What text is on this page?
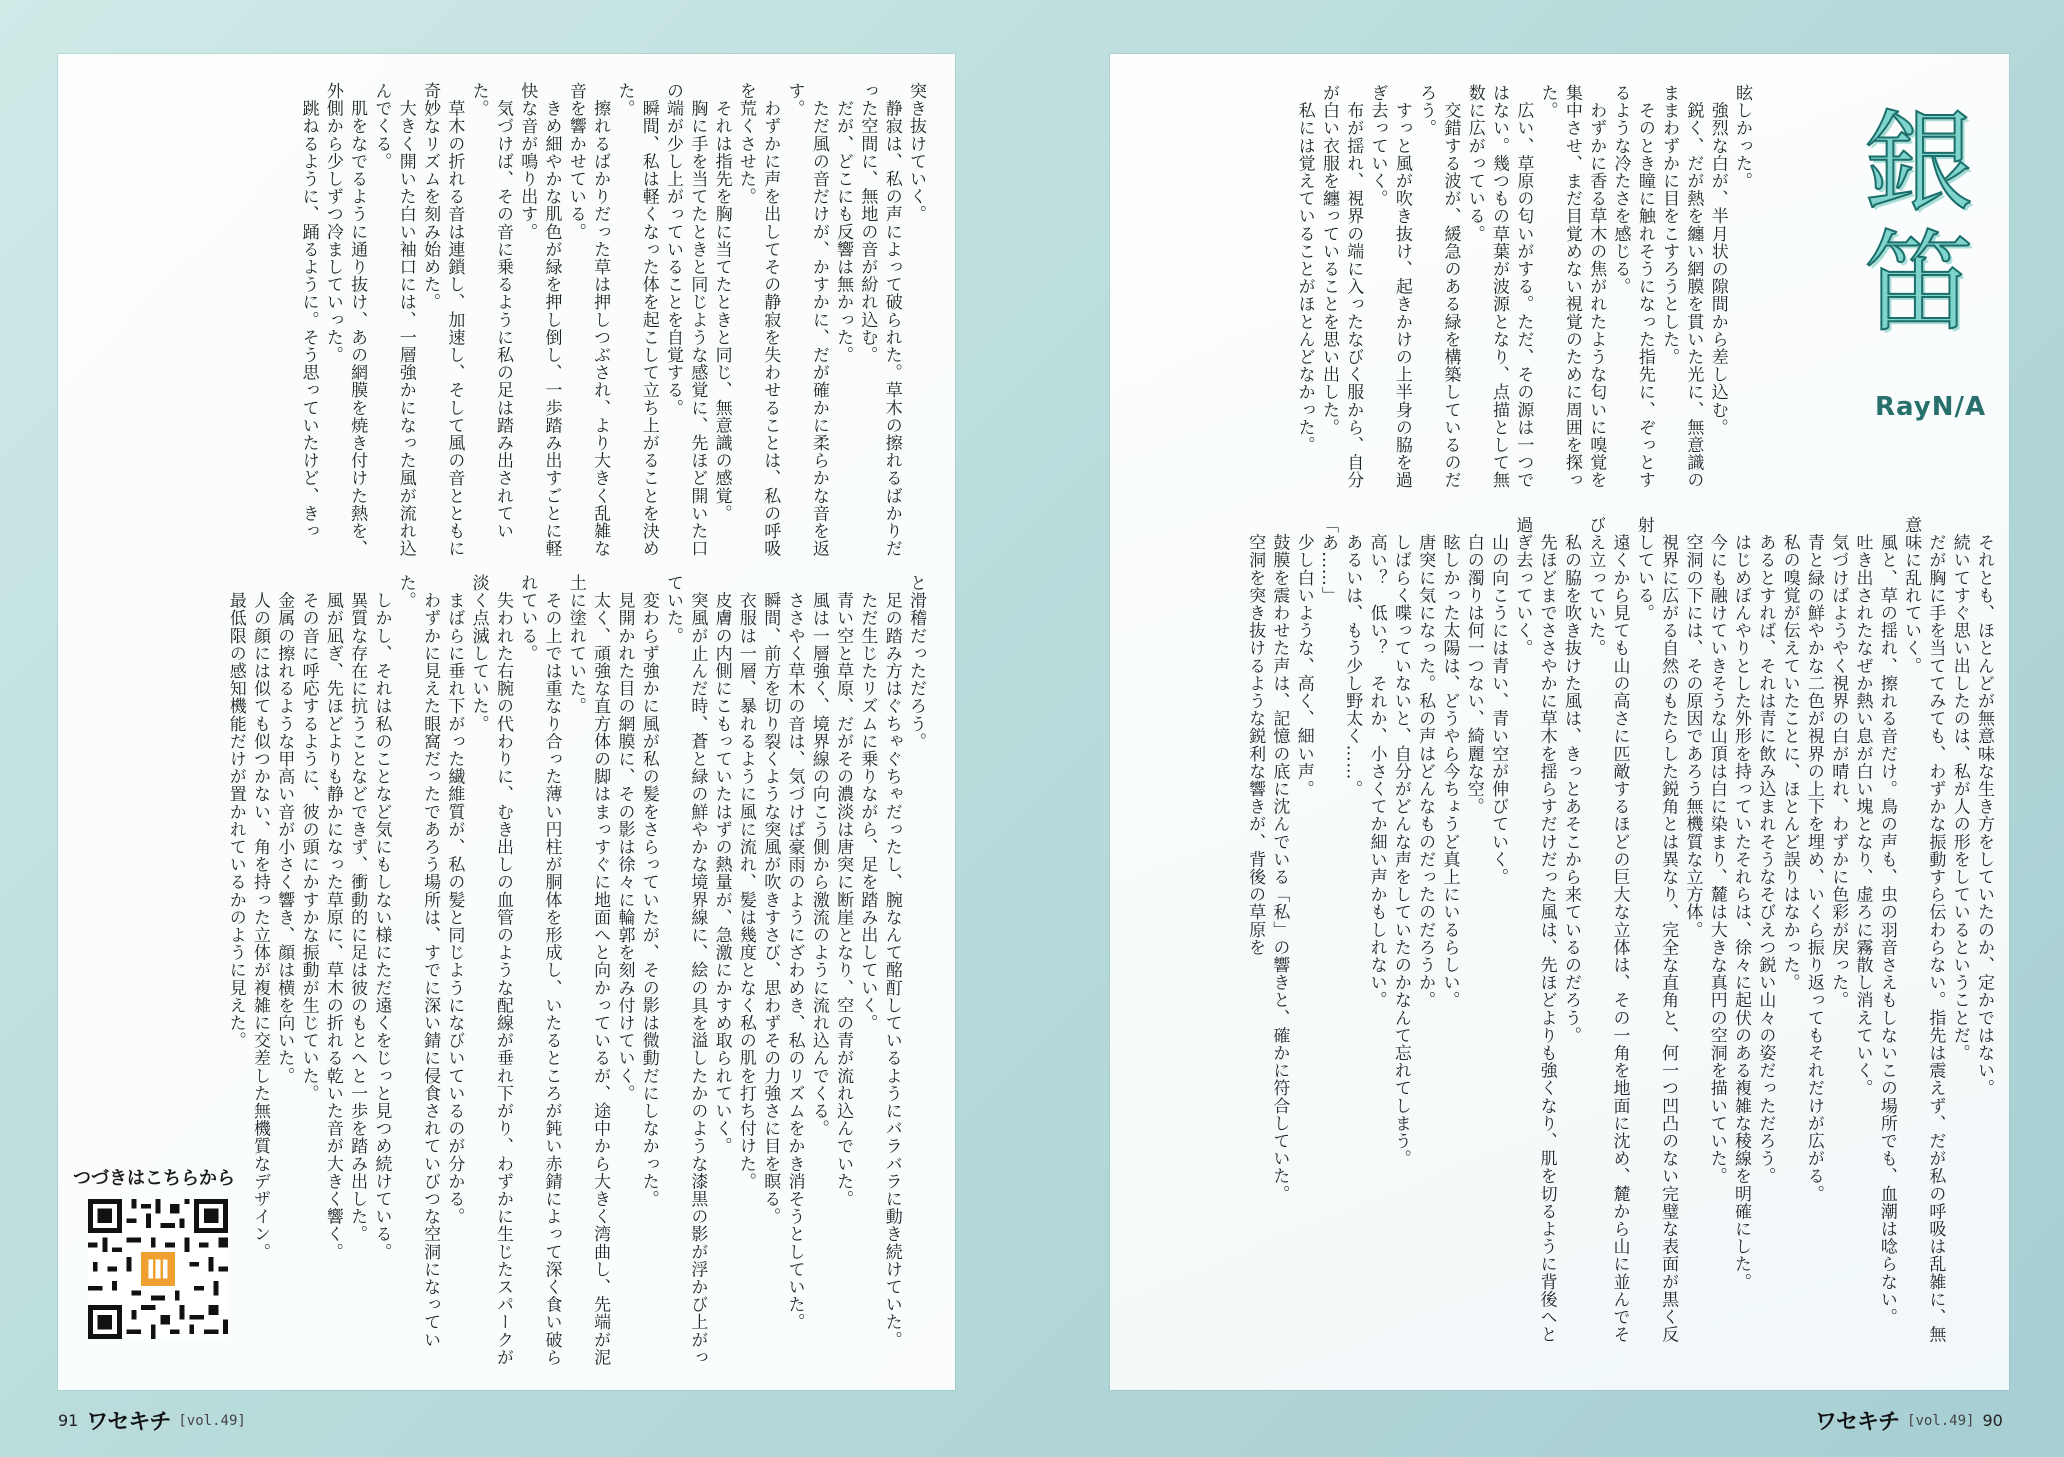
突き抜けていく。
　静寂は、私の声によって破られた。草木の擦れるばかりだった空間に、無地の音が紛れ込む。
　だが、どこにも反響は無かった。
　ただ風の音だけが、かすかに、だが確かに柔らかな音を返す。
　わずかに声を出してその静寂を失わせることは、私の呼吸を荒くさせた。
　それは指先を胸に当てたときと同じ、無意識の感覚。
　胸に手を当てたときと同じような感覚に、先ほど開いた口の端が少し上がっていることを自覚する。
　瞬間、私は軽くなった体を起こして立ち上がることを決めた。
　擦れるばかりだった草は押しつぶされ、より大きく乱雑な音を響かせている。
　きめ細やかな肌色が緑を押し倒し、一歩踏み出すごとに軽快な音が鳴り出す。
　気づけば、その音に乗るように私の足は踏み出されていた。
　草木の折れる音は連鎖し、加速し、そして風の音とともに奇妙なリズムを刻み始めた。
　大きく開いた白い袖口には、一層強かになった風が流れ込んでくる。
　肌をなでるように通り抜け、あの網膜を焼き付けた熱を、外側から少しずつ冷ましていった。
　跳ねるように、踊るように。そう思っていたけど、きっ
と滑稽だっただろう。
　足の踏み方はぐちゃぐちゃだったし、腕なんて酩酊しているようにバラバラに動き続けていた。
　ただ生じたリズムに乗りながら、足を踏み出していく。
　青い空と草原、だがその濃淡は唐突に断崖となり、空の青が流れ込んでいた。
　風は一層強く、境界線の向こう側から激流のように流れ込んでくる。
　ささやく草木の音は、気づけば豪雨のようにざわめき、私のリズムをかき消そうとしていた。
　瞬間、前方を切り裂くような突風が吹きすさび、思わずその力強さに目を瞑る。
　衣服は一層、暴れるように風に流れ、髪は幾度となく私の肌を打ち付けた。
　皮膚の内側にこもっていたはずの熱量が、急激にかすめ取られていく。
　突風が止んだ時、蒼と緑の鮮やかな境界線に、絵の具を溢したかのような漆黒の影が浮かび上がっていた。
　変わらず強かに風が私の髪をさらっていたが、その影は微動だにしなかった。
　見開かれた目の網膜に、その影は徐々に輪郭を刻み付けていく。
　太く、頑強な直方体の脚はまっすぐに地面へと向かっているが、途中から大きく湾曲し、先端が泥土に塗れていた。
　その上では重なり合った薄い円柱が胴体を形成し、いたるところが鈍い赤錆によって深く食い破られている。
　失われた右腕の代わりに、むき出しの血管のような配線が垂れ下がり、わずかに生じたスパークが淡く点滅していた。
　まばらに垂れ下がった繊維質が、私の髪と同じようになびいているのが分かる。
　わずかに見えた眼窩だったであろう場所は、すでに深い錆に侵食されていびつな空洞になっていた。
　しかし、それは私のことなど気にもしない様にただ遠くをじっと見つめ続けている。
　異質な存在に抗うことなどできず、衝動的に足は彼のもとへと一歩を踏み出した。
　風が凪ぎ、先ほどよりも静かになった草原に、草木の折れる乾いた音が大きく響く。
　その音に呼応するように、彼の頭にかすかな振動が生じていた。
　金属の擦れるような甲高い音が小さく響き、顔は横を向いた。
　人の顔には似ても似つかない、角を持った立体が複雑に交差した無機質なデザイン。
　最低限の感知機能だけが置かれているかのように見えた。
つづきはこちらから
眩しかった。
　強烈な白が、半月状の隙間から差し込む。
　鋭く、だが熱を纏い網膜を貫いた光に、無意識のままわずかに目をこすろうとした。
　そのとき瞳に触れそうになった指先に、ぞっとするような冷たさを感じる。
　わずかに香る草木の焦がれたような匂いに嗅覚を集中させ、まだ目覚めない視覚のために周囲を探った。
　広い、草原の匂いがする。ただ、その源は一つではない。幾つもの草葉が波源となり、点描として無数に広がっている。
　交錯する波が、緩急のある緑を構築しているのだろう。
　すっと風が吹き抜け、起きかけの上半身の脇を過ぎ去っていく。
　布が揺れ、視界の端に入ったなびく服から、自分が白い衣服を纏っていることを思い出した。
　私には覚えていることがほとんどなかった。
　それとも、ほとんどが無意味な生き方をしていたのか、定かではない。
　続いてすぐ思い出したのは、私が人の形をしているということだ。
　だが胸に手を当ててみても、わずかな振動すら伝わらない。指先は震えず、だが私の呼吸は乱雑に、無意味に乱れていく。
　風と、草の揺れ、擦れる音だけ。鳥の声も、虫の羽音さえもしないこの場所でも、血潮は唸らない。
　吐き出されたなぜか熱い息が白い塊となり、虚ろに霧散し消えていく。
　気づけばようやく視界の白が晴れ、わずかに色彩が戻った。
　青と緑の鮮やかな二色が視界の上下を埋め、いくら振り返ってもそれだけが広がる。
　私の嗅覚が伝えていたことに、ほとんど誤りはなかった。
　あるとすれば、それは青に飲み込まれそうなそびえつ鋭い山々の姿だっただろう。
　はじめぼんやりとした外形を持っていたそれらは、徐々に起伏のある複雑な稜線を明確にした。
　今にも融けていきそうな山頂は白に染まり、麓は大きな真円の空洞を描いていた。
　空洞の下には、その原因であろう無機質な立方体。
　視界に広がる自然のもたらした鋭角とは異なり、完全な直角と、何一つ凹凸のない完璧な表面が黒く反射している。
　遠くから見ても山の高さに匹敵するほどの巨大な立体は、その一角を地面に沈め、麓から山に並んでそびえ立っていた。
　私の脇を吹き抜けた風は、きっとあそこから来ているのだろう。
　先ほどまでささやかに草木を揺らすだけだった風は、先ほどよりも強くなり、肌を切るように背後へと過ぎ去っていく。
　山の向こうには青い、青い空が伸びていく。
　白の濁りは何一つない、綺麗な空。
　眩しかった太陽は、どうやら今ちょうど真上にいるらしい。
　唐突に気になった。私の声はどんなものだったのだろうか。
　しばらく喋っていないと、自分がどんな声をしていたのかなんて忘れてしまう。
　高い？　低い？　それか、小さくてか細い声かもしれない。
　あるいは、もう少し野太く……。
「あ……」
　少し白いような、高く、細い声。
　鼓膜を震わせた声は、記憶の底に沈んでいる「私」の響きと、確かに符合していた。
　空洞を突き抜けるような鋭利な響きが、背後の草原を
銀笛
RayN/A
91 ワセキチ [vol.49]	ワセキチ [vol.49] 90
